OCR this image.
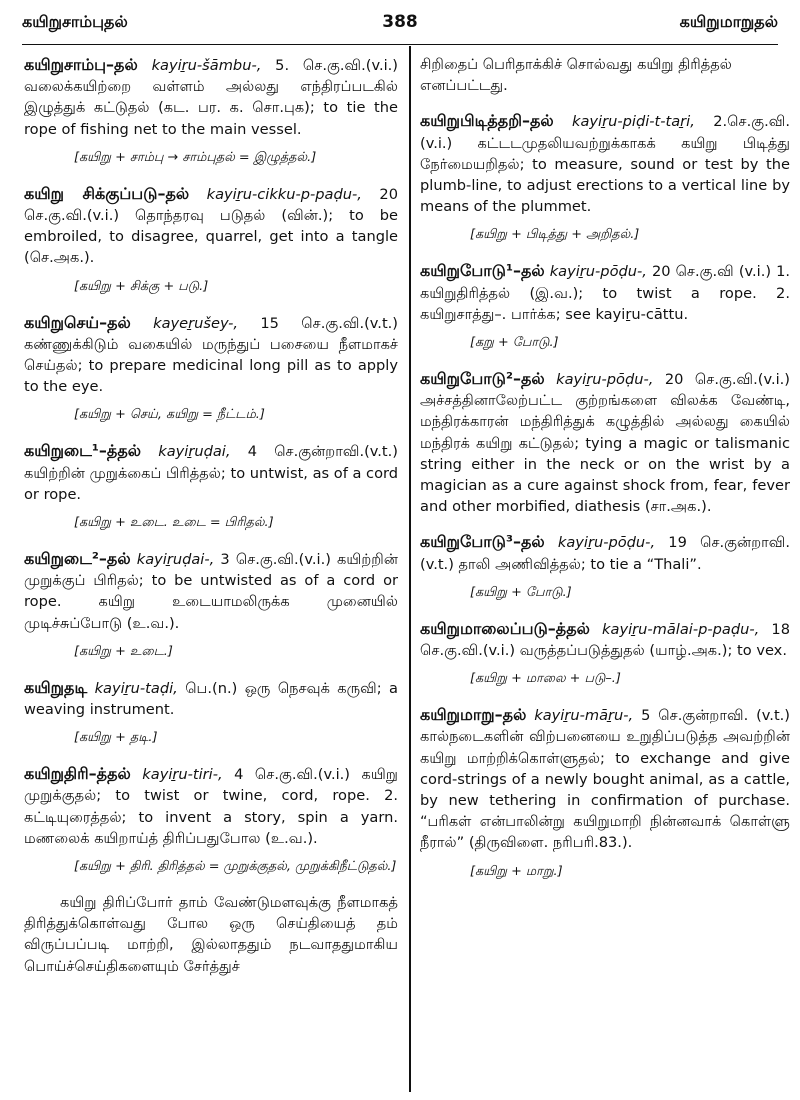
கயிறுசாம்புதல்	388	கயிறுமாறுதல்
கயிறுசாம்பு–தல் kayiṟu-šāmbu-, 5. செ.கு.வி.(v.i.) வலைக்கயிற்றை வள்ளம் அல்லது எந்திரப்படகில் இழுத்துக் கட்டுதல் (கட. பர. க. சொ.புக); to tie the rope of fishing net to the main vessel.
[கயிறு + சாம்பு → சாம்புதல் = இழுத்தல்.]
கயிறு சிக்குப்படு–தல் kayiṟu-cikku-p-paḍu-, 20 செ.கு.வி.(v.i.) தொந்தரவு படுதல் (வின்.); to be embroiled, to disagree, quarrel, get into a tangle (செ.அக.).
[கயிறு + சிக்கு + படு.]
கயிறுசெய்–தல் kayeṟušey-, 15 செ.கு.வி.(v.t.) கண்ணுக்கிடும் வகையில் மருந்துப் பசையை நீளமாகச் செய்தல்; to prepare medicinal long pill as to apply to the eye.
[கயிறு + செய், கயிறு = நீட்டம்.]
கயிறுடை¹–த்தல் kayiṟuḍai, 4 செ.குன்றாவி.(v.t.) கயிற்றின் முறுக்கைப் பிரித்தல்; to untwist, as of a cord or rope.
[கயிறு + உடை. உடை = பிரிதல்.]
கயிறுடை²–தல் kayiṟuḍai-, 3 செ.கு.வி.(v.i.) கயிற்றின் முறுக்குப் பிரிதல்; to be untwisted as of a cord or rope. கயிறு உடையாமலிருக்க முனையில் முடிச்சுப்போடு (உ.வ.).
[கயிறு + உடை.]
கயிறுதடி kayiṟu-taḍi, பெ.(n.) ஒரு நெசவுக் கருவி; a weaving instrument.
[கயிறு + தடி.]
கயிறுதிரி–த்தல் kayiṟu-tiri-, 4 செ.கு.வி.(v.i.) கயிறு முறுக்குதல்; to twist or twine, cord, rope. 2. கட்டியுரைத்தல்; to invent a story, spin a yarn. மணலைக் கயிறாய்த் திரிப்பதுபோல (உ.வ.).
[கயிறு + திரி. திரித்தல் = முறுக்குதல், முறுக்கிநீட்டுதல்.]

கயிறு திரிப்போர் தாம் வேண்டுமளவுக்கு நீளமாகத் திரித்துக்கொள்வது போல ஒரு செய்தியைத் தம் விருப்பப்படி மாற்றி, இல்லாததும் நடவாததுமாகிய பொய்ச்செய்திகளையும் சேர்த்துச்

சிறிதைப் பெரிதாக்கிச் சொல்வது கயிறு திரித்தல் எனப்பட்டது.

கயிறுபிடித்தறி–தல் kayiṟu-piḍi-t-taṟi, 2.செ.கு.வி. (v.i.) கட்டடமுதலியவற்றுக்காகக் கயிறு பிடித்து நேர்மையறிதல்; to measure, sound or test by the plumb-line, to adjust erections to a vertical line by means of the plummet.
[கயிறு + பிடித்து + அறிதல்.]
கயிறுபோடு¹–தல் kayiṟu-pōḍu-, 20 செ.கு.வி (v.i.) 1. கயிறுதிரித்தல் (இ.வ.); to twist a rope. 2. கயிறுசாத்து–. பார்க்க; see kayiṟu-cāttu.
[கறு + போடு.]
கயிறுபோடு²–தல் kayiṟu-pōḍu-, 20 செ.கு.வி.(v.i.) அச்சத்தினாலேற்பட்ட குற்றங்களை விலக்க வேண்டி, மந்திரக்காரன் மந்திரித்துக் கழுத்தில் அல்லது கையில் மந்திரக் கயிறு கட்டுதல்; tying a magic or talismanic string either in the neck or on the wrist by a magician as a cure against shock from, fear, fever and other morbified, diathesis (சா.அக.).
கயிறுபோடு³–தல் kayiṟu-pōḍu-, 19 செ.குன்றாவி. (v.t.) தாலி அணிவித்தல்; to tie a “Thali”.
[கயிறு + போடு.]
கயிறுமாலைப்படு–த்தல் kayiṟu-mālai-p-paḍu-, 18 செ.கு.வி.(v.i.) வருத்தப்படுத்துதல் (யாழ்.அக.); to vex.
[கயிறு + மாலை + படு–.]
கயிறுமாறு–தல் kayiṟu-māṟu-, 5 செ.குன்றாவி. (v.t.) கால்நடைகளின் விற்பனையை உறுதிப்படுத்த அவற்றின் கயிறு மாற்றிக்கொள்ளுதல்; to exchange and give cord-strings of a newly bought animal, as a cattle, by new tethering in confirmation of purchase. “பரிகள் என்பாலின்று கயிறுமாறி நின்னவாக் கொள்ளு நீரால்” (திருவிளை. நரிபரி.83.).
[கயிறு + மாறு.]
